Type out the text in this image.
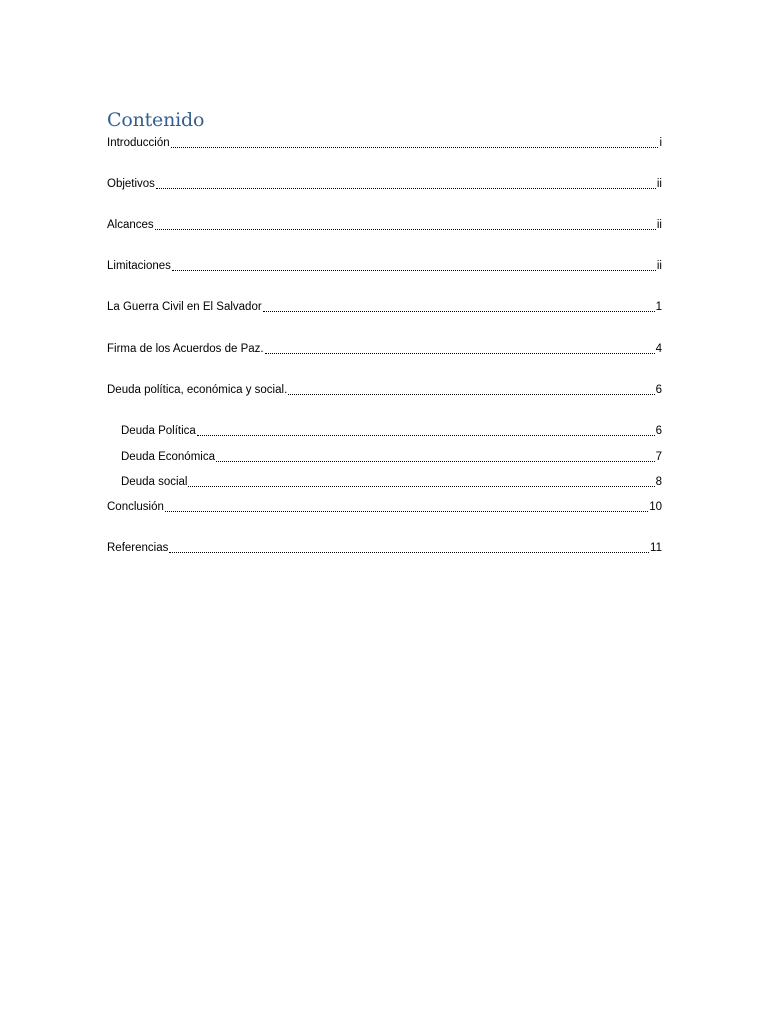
Contenido
Introducción	i
Objetivos	ii
Alcances	ii
Limitaciones	ii
La Guerra Civil en El Salvador	1
Firma de los Acuerdos de Paz.	4
Deuda política, económica y social.	6
Deuda Política	6
Deuda Económica	7
Deuda social	8
Conclusión	10
Referencias	11
